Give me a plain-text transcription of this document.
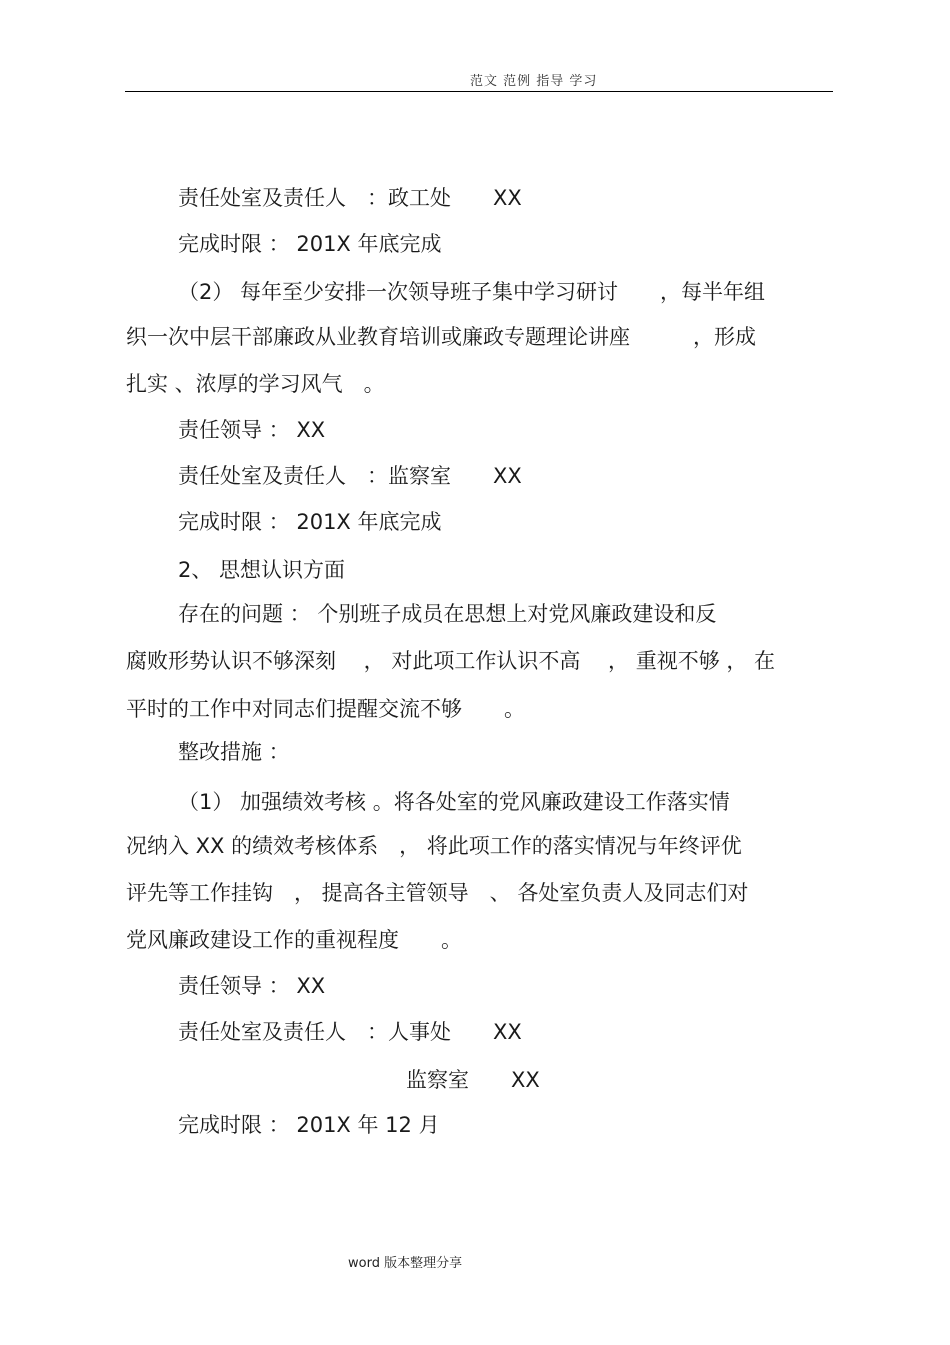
范文 范例 指导 学习
责任处室及责任人　：政工处　　XX
完成时限 ： 201X 年底完成
（2） 每年至少安排一次领导班子集中学习研讨　　，每半年组
织一次中层干部廉政从业教育培训或廉政专题理论讲座　　　，形成
扎实 、浓厚的学习风气　。
责任领导 ： XX
责任处室及责任人　：监察室　　XX
完成时限 ： 201X 年底完成
2、 思想认识方面
存在的问题 ： 个别班子成员在思想上对党风廉政建设和反
腐败形势认识不够深刻　 ， 对此项工作认识不高　 ， 重视不够 ， 在
平时的工作中对同志们提醒交流不够　　。
整改措施 ：
（1） 加强绩效考核 。将各处室的党风廉政建设工作落实情
况纳入 XX 的绩效考核体系　， 将此项工作的落实情况与年终评优
评先等工作挂钩　， 提高各主管领导　、 各处室负责人及同志们对
党风廉政建设工作的重视程度　　。
责任领导 ： XX
责任处室及责任人　：人事处　　XX
监察室　　XX
完成时限 ： 201X 年 12 月
word 版本整理分享
